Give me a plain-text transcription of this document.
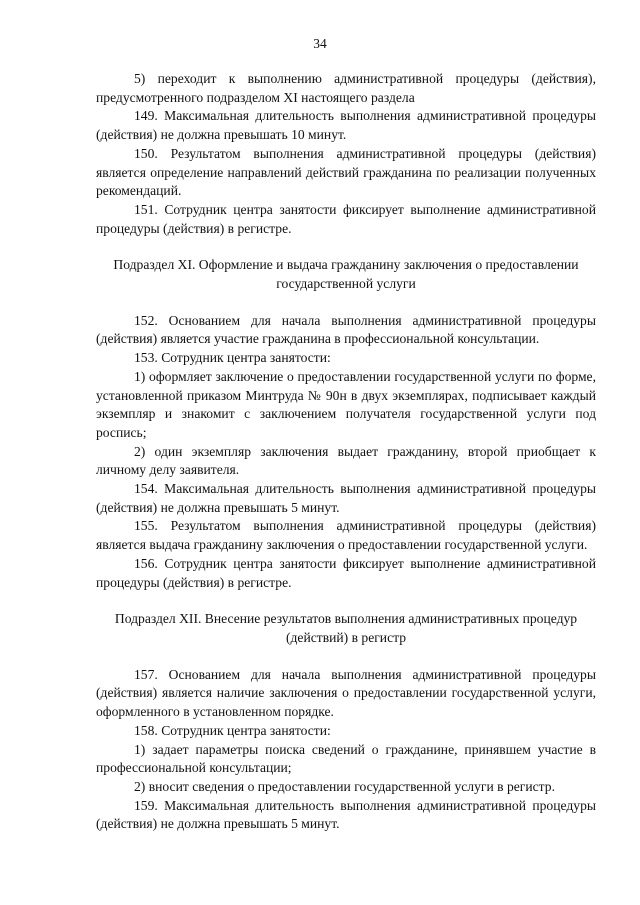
34

5) переходит к выполнению административной процедуры (действия), предусмотренного подразделом XI настоящего раздела

149. Максимальная длительность выполнения административной процедуры (действия) не должна превышать 10 минут.

150. Результатом выполнения административной процедуры (действия) является определение направлений действий гражданина по реализации полученных рекомендаций.

151. Сотрудник центра занятости фиксирует выполнение административной процедуры (действия) в регистре.

Подраздел XI. Оформление и выдача гражданину заключения о предоставлении государственной услуги

152. Основанием для начала выполнения административной процедуры (действия) является участие гражданина в профессиональной консультации.

153. Сотрудник центра занятости:

1) оформляет заключение о предоставлении государственной услуги по форме, установленной приказом Минтруда № 90н в двух экземплярах, подписывает каждый экземпляр и знакомит с заключением получателя государственной услуги под роспись;

2) один экземпляр заключения выдает гражданину, второй приобщает к личному делу заявителя.

154. Максимальная длительность выполнения административной процедуры (действия) не должна превышать 5 минут.

155. Результатом выполнения административной процедуры (действия) является выдача гражданину заключения о предоставлении государственной услуги.

156. Сотрудник центра занятости фиксирует выполнение административной процедуры (действия) в регистре.

Подраздел XII. Внесение результатов выполнения административных процедур (действий) в регистр

157. Основанием для начала выполнения административной процедуры (действия) является наличие заключения о предоставлении государственной услуги, оформленного в установленном порядке.

158. Сотрудник центра занятости:

1) задает параметры поиска сведений о гражданине, принявшем участие в профессиональной консультации;

2) вносит сведения о предоставлении государственной услуги в регистр.

159. Максимальная длительность выполнения административной процедуры (действия) не должна превышать 5 минут.
